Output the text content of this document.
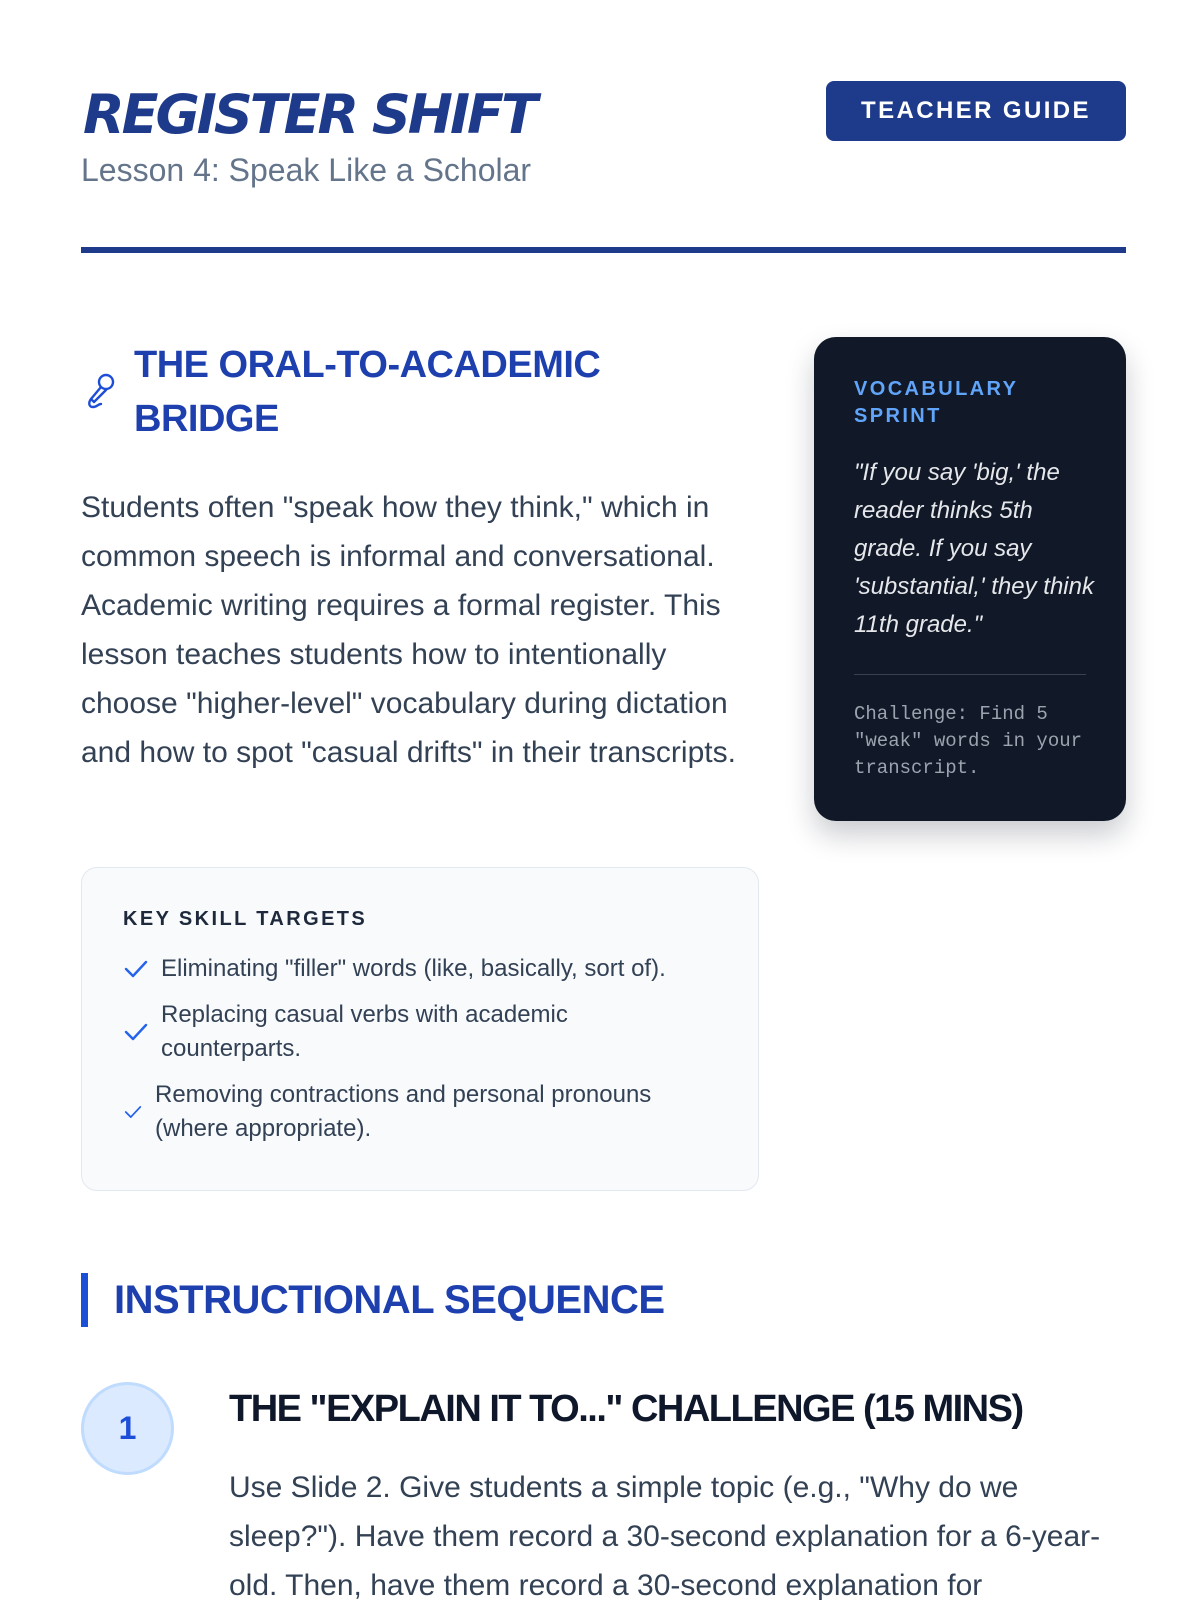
REGISTER SHIFT
Lesson 4: Speak Like a Scholar
TEACHER GUIDE
THE ORAL-TO-ACADEMIC BRIDGE

Students often "speak how they think," which in common speech is informal and conversational. Academic writing requires a formal register. This lesson teaches students how to intentionally choose "higher-level" vocabulary during dictation and how to spot "casual drifts" in their transcripts.

KEY SKILL TARGETS
Eliminating "filler" words (like, basically, sort of).
Replacing casual verbs with academic counterparts.
Removing contractions and personal pronouns (where appropriate).
VOCABULARY SPRINT

"If you say 'big,' the reader thinks 5th grade. If you say 'substantial,' they think 11th grade."

Challenge: Find 5 "weak" words in your transcript.

INSTRUCTIONAL SEQUENCE
1	THE "EXPLAIN IT TO..." CHALLENGE (15 MINS)

Use Slide 2. Give students a simple topic (e.g., "Why do we sleep?"). Have them record a 30-second explanation for a 6-year-old. Then, have them record a 30-second explanation for
